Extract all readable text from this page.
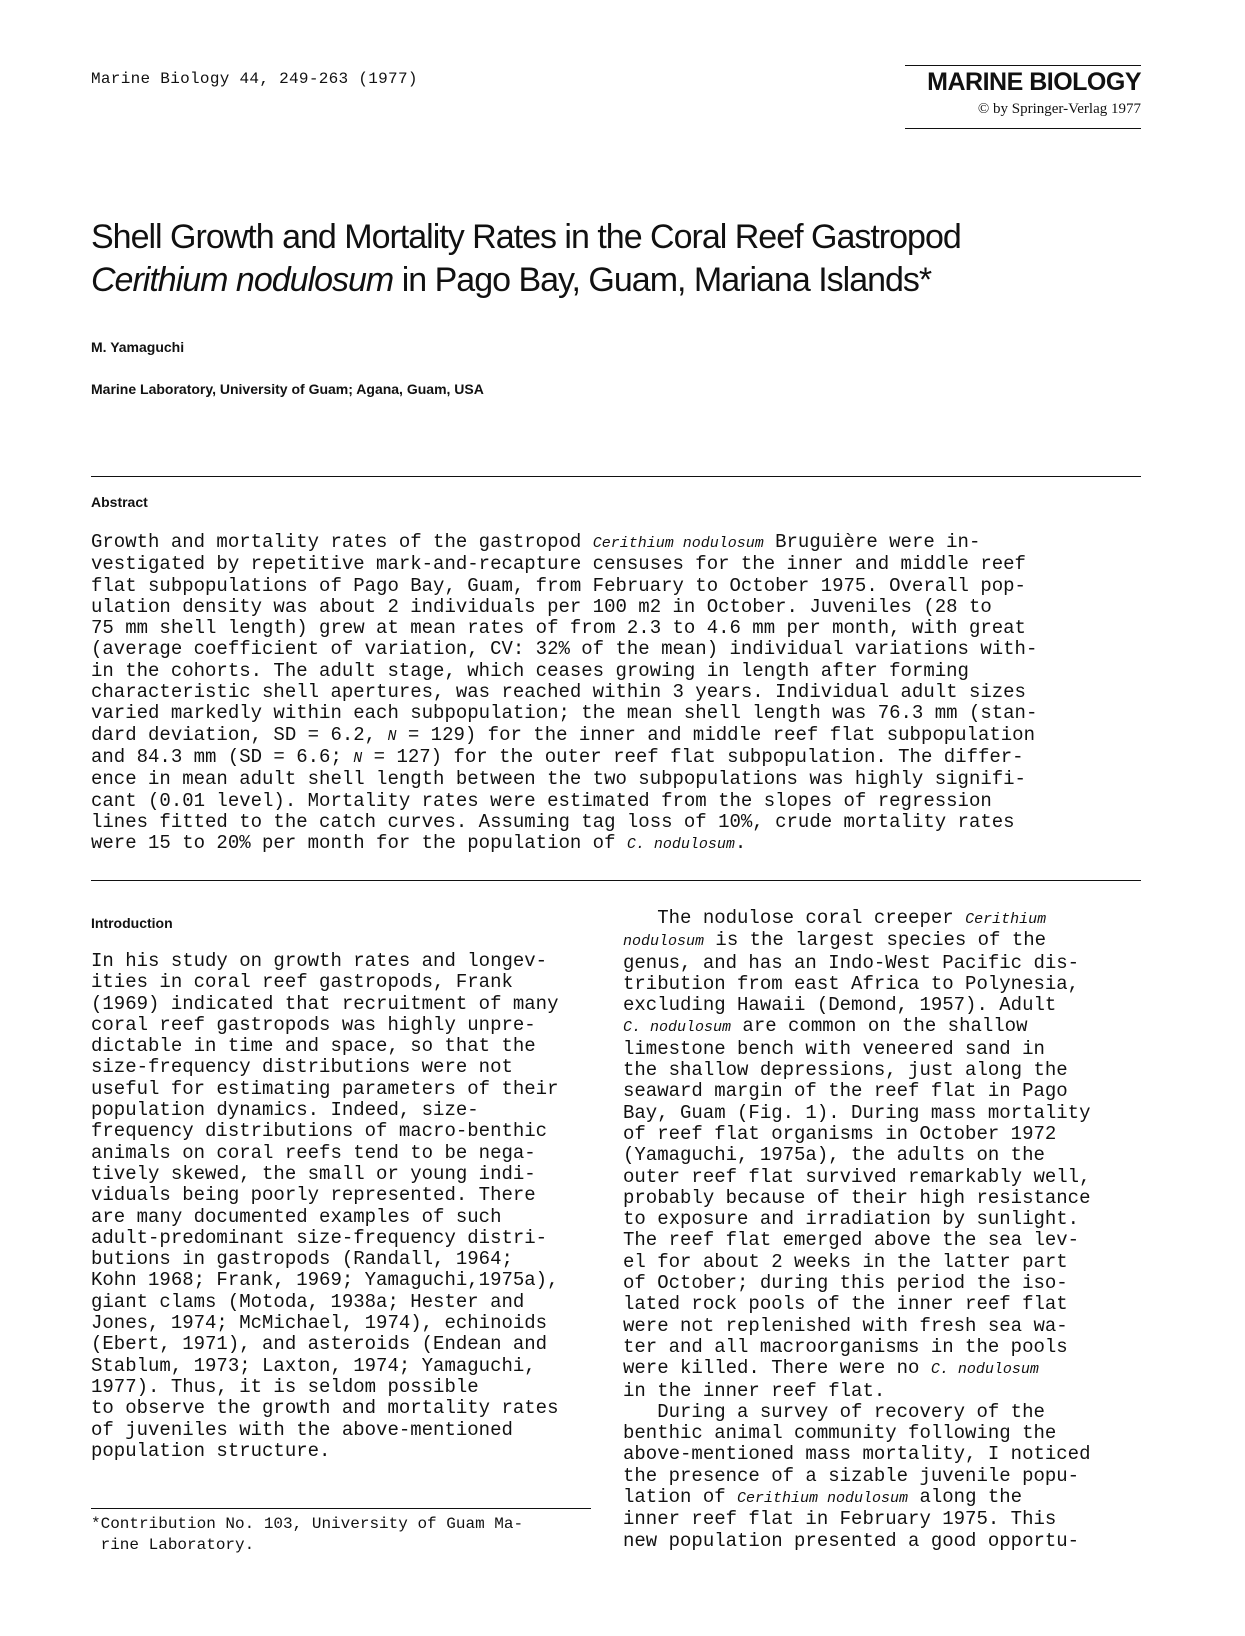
Marine Biology 44, 249-263 (1977)	MARINE BIOLOGY
© by Springer-Verlag 1977
Shell Growth and Mortality Rates in the Coral Reef Gastropod
Cerithium nodulosum in Pago Bay, Guam, Mariana Islands*
M. Yamaguchi
Marine Laboratory, University of Guam; Agana, Guam, USA
Abstract
Growth and mortality rates of the gastropod Cerithium nodulosum Bruguière were in-
vestigated by repetitive mark-and-recapture censuses for the inner and middle reef
flat subpopulations of Pago Bay, Guam, from February to October 1975. Overall pop-
ulation density was about 2 individuals per 100 m2 in October. Juveniles (28 to
75 mm shell length) grew at mean rates of from 2.3 to 4.6 mm per month, with great
(average coefficient of variation, CV: 32% of the mean) individual variations with-
in the cohorts. The adult stage, which ceases growing in length after forming
characteristic shell apertures, was reached within 3 years. Individual adult sizes
varied markedly within each subpopulation; the mean shell length was 76.3 mm (stan-
dard deviation, SD = 6.2, N = 129) for the inner and middle reef flat subpopulation
and 84.3 mm (SD = 6.6; N = 127) for the outer reef flat subpopulation. The differ-
ence in mean adult shell length between the two subpopulations was highly signifi-
cant (0.01 level). Mortality rates were estimated from the slopes of regression
lines fitted to the catch curves. Assuming tag loss of 10%, crude mortality rates
were 15 to 20% per month for the population of C. nodulosum.
Introduction
In his study on growth rates and longev-
ities in coral reef gastropods, Frank
(1969) indicated that recruitment of many
coral reef gastropods was highly unpre-
dictable in time and space, so that the
size-frequency distributions were not
useful for estimating parameters of their
population dynamics. Indeed, size-
frequency distributions of macro-benthic
animals on coral reefs tend to be nega-
tively skewed, the small or young indi-
viduals being poorly represented. There
are many documented examples of such
adult-predominant size-frequency distri-
butions in gastropods (Randall, 1964;
Kohn 1968; Frank, 1969; Yamaguchi,1975a),
giant clams (Motoda, 1938a; Hester and
Jones, 1974; McMichael, 1974), echinoids
(Ebert, 1971), and asteroids (Endean and
Stablum, 1973; Laxton, 1974; Yamaguchi,
1977). Thus, it is seldom possible
to observe the growth and mortality rates
of juveniles with the above-mentioned
population structure.
The nodulose coral creeper Cerithium
nodulosum is the largest species of the
genus, and has an Indo-West Pacific dis-
tribution from east Africa to Polynesia,
excluding Hawaii (Demond, 1957). Adult
C. nodulosum are common on the shallow
limestone bench with veneered sand in
the shallow depressions, just along the
seaward margin of the reef flat in Pago
Bay, Guam (Fig. 1). During mass mortality
of reef flat organisms in October 1972
(Yamaguchi, 1975a), the adults on the
outer reef flat survived remarkably well,
probably because of their high resistance
to exposure and irradiation by sunlight.
The reef flat emerged above the sea lev-
el for about 2 weeks in the latter part
of October; during this period the iso-
lated rock pools of the inner reef flat
were not replenished with fresh sea wa-
ter and all macroorganisms in the pools
were killed. There were no C. nodulosum
in the inner reef flat.
During a survey of recovery of the
benthic animal community following the
above-mentioned mass mortality, I noticed
the presence of a sizable juvenile popu-
lation of Cerithium nodulosum along the
inner reef flat in February 1975. This
new population presented a good opportu-
*Contribution No. 103, University of Guam Ma-
rine Laboratory.
